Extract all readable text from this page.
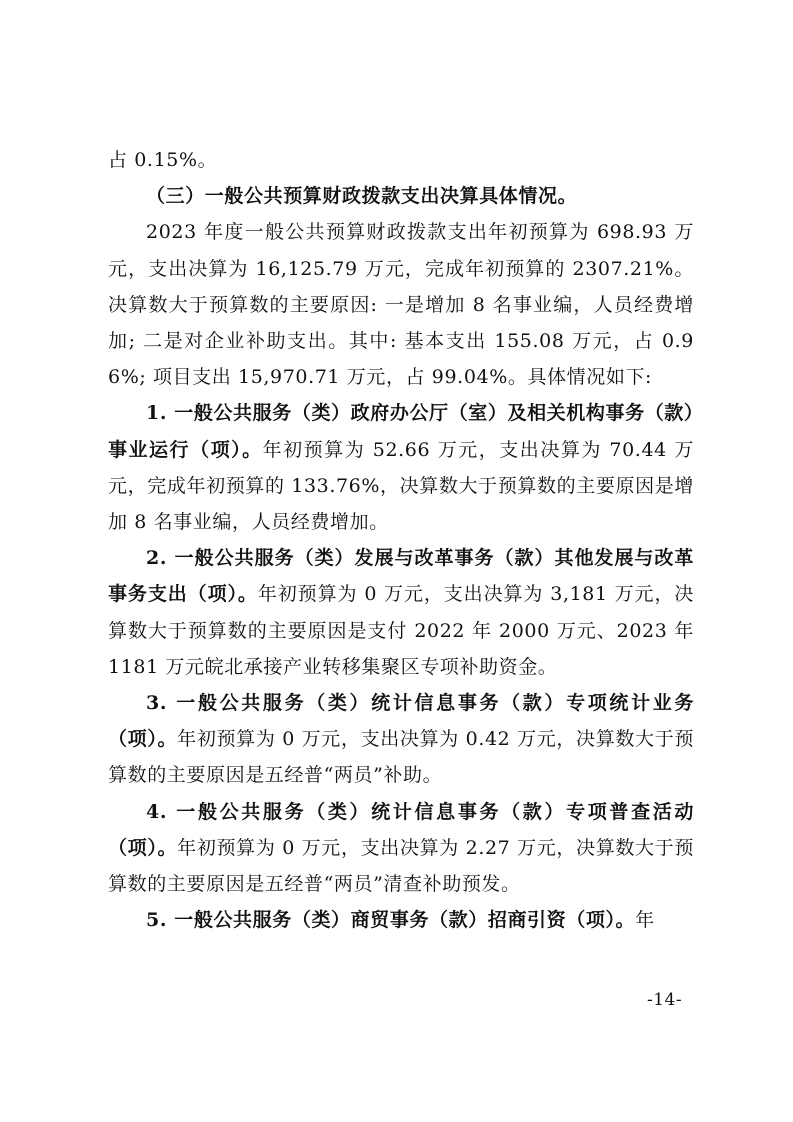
占 0.15%。

（三）一般公共预算财政拨款支出决算具体情况。

2023 年度一般公共预算财政拨款支出年初预算为 698.93 万元，支出决算为 16,125.79 万元，完成年初预算的 2307.21%。决算数大于预算数的主要原因: 一是增加 8 名事业编，人员经费增加; 二是对企业补助支出。其中: 基本支出 155.08 万元，占 0.96%; 项目支出 15,970.71 万元，占 99.04%。具体情况如下:

1. 一般公共服务（类）政府办公厅（室）及相关机构事务（款）事业运行（项）。年初预算为 52.66 万元，支出决算为 70.44 万元，完成年初预算的 133.76%，决算数大于预算数的主要原因是增加 8 名事业编，人员经费增加。

2. 一般公共服务（类）发展与改革事务（款）其他发展与改革事务支出（项）。年初预算为 0 万元，支出决算为 3,181 万元，决算数大于预算数的主要原因是支付 2022 年 2000 万元、2023 年 1181 万元皖北承接产业转移集聚区专项补助资金。

3. 一般公共服务（类）统计信息事务（款）专项统计业务（项）。年初预算为 0 万元，支出决算为 0.42 万元，决算数大于预算数的主要原因是五经普“两员”补助。

4. 一般公共服务（类）统计信息事务（款）专项普查活动（项）。年初预算为 0 万元，支出决算为 2.27 万元，决算数大于预算数的主要原因是五经普“两员”清查补助预发。

5. 一般公共服务（类）商贸事务（款）招商引资（项）。年

-14-
